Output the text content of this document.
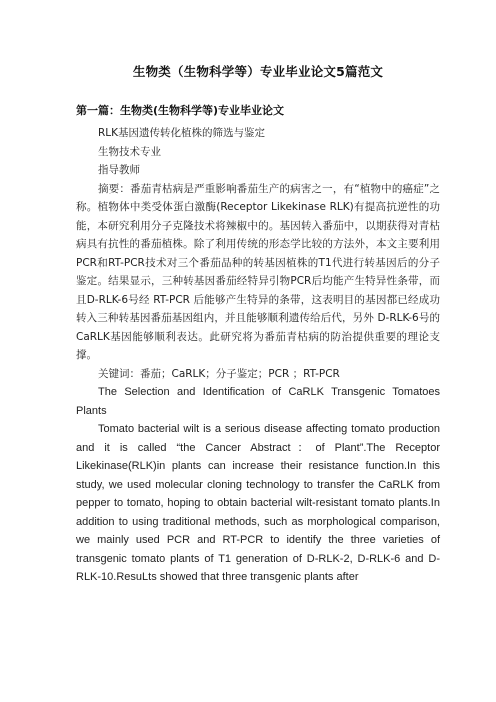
生物类（生物科学等）专业毕业论文5篇范文
第一篇：生物类(生物科学等)专业毕业论文

RLK基因遗传转化植株的筛选与鉴定

生物技术专业

指导教师

摘要：番茄青枯病是严重影响番茄生产的病害之一，有“植物中的癌症”之称。植物体中类受体蛋白激酶(Receptor Likekinase RLK)有提高抗逆性的功能，本研究利用分子克隆技术将辣椒中的。基因转入番茄中，以期获得对青枯病具有抗性的番茄植株。除了利用传统的形态学比较的方法外，本文主要利用PCR和RT-PCR技术对三个番茄品种的转基因植株的T1代进行转基因后的分子鉴定。结果显示，三种转基因番茄经特异引物PCR后均能产生特异性条带，而且D-RLK-6号经 RT-PCR 后能够产生特异的条带，这表明目的基因都已经成功转入三种转基因番茄基因组内，并且能够顺利遗传给后代，另外 D-RLK-6号的CaRLK基因能够顺利表达。此研究将为番茄青枯病的防治提供重要的理论支撑。

关键词：番茄；CaRLK；分子鉴定；PCR ；RT-PCR

The Selection and Identification of CaRLK Transgenic Tomatoes Plants

Tomato bacterial wilt is a serious disease affecting tomato production and it is called “the Cancer Abstract：of Plant”.The Receptor Likekinase(RLK)in plants can increase their resistance function.In this study, we used molecular cloning technology to transfer the CaRLK from pepper to tomato, hoping to obtain bacterial wilt-resistant tomato plants.In addition to using traditional methods, such as morphological comparison, we mainly used PCR and RT-PCR to identify the three varieties of transgenic tomato plants of T1 generation of D-RLK-2, D-RLK-6 and D-RLK-10.ResuLts showed that three transgenic plants after
